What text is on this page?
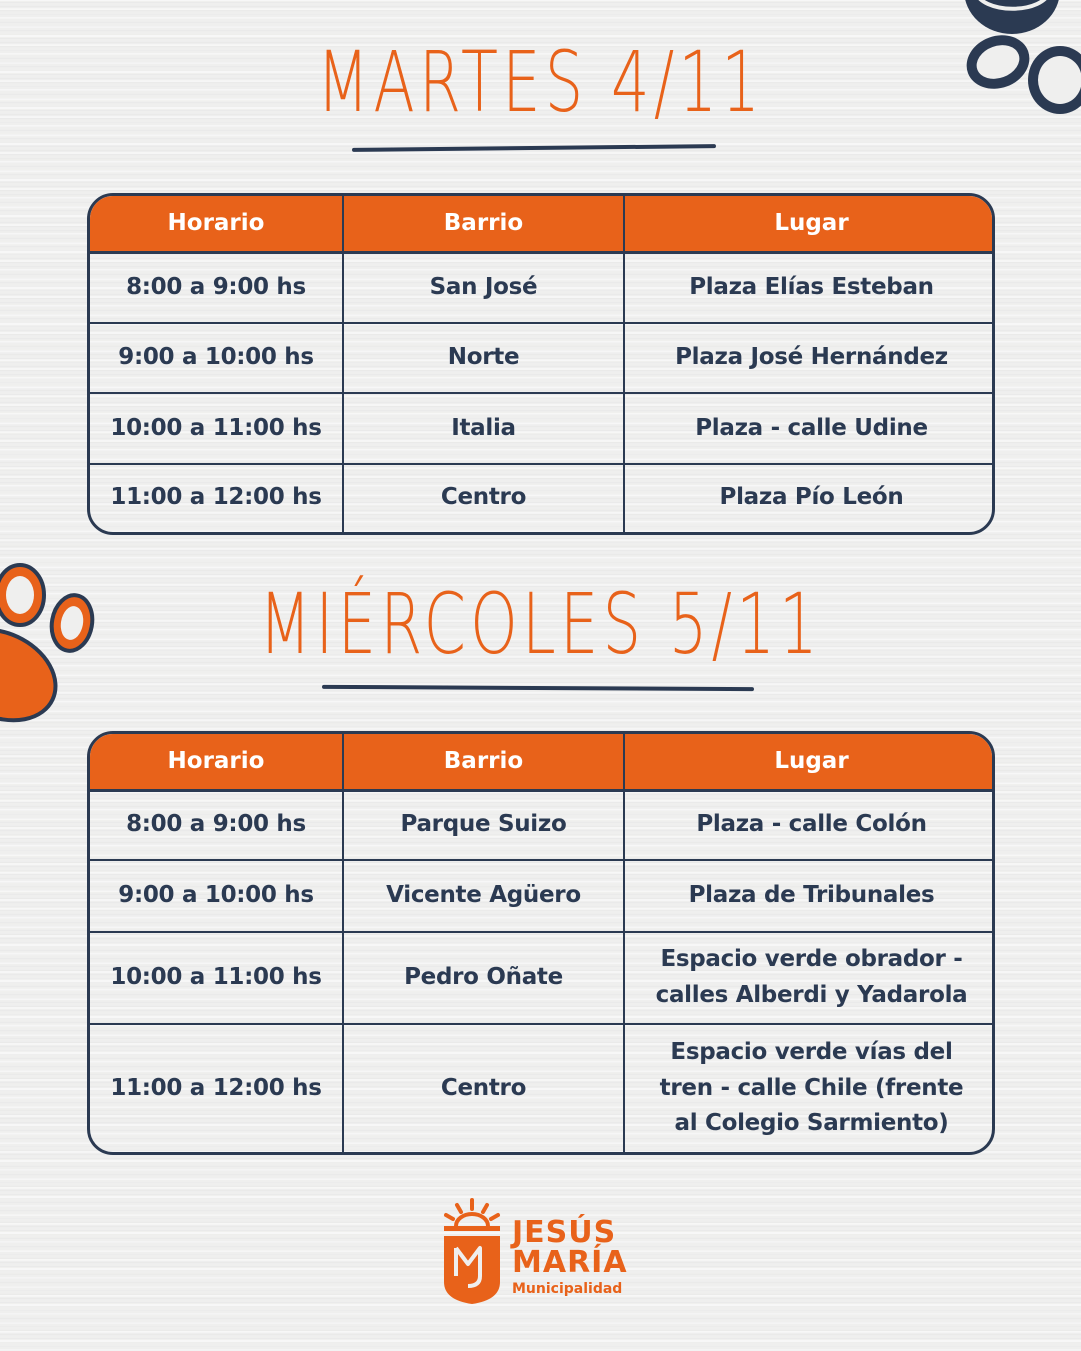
MARTES 4/11
Horario	Barrio	Lugar
8:00 a 9:00 hs	San José	Plaza Elías Esteban
9:00 a 10:00 hs	Norte	Plaza José Hernández
10:00 a 11:00 hs	Italia	Plaza - calle Udine
11:00 a 12:00 hs	Centro	Plaza Pío León
MIÉRCOLES 5/11
Horario	Barrio	Lugar
8:00 a 9:00 hs	Parque Suizo	Plaza - calle Colón
9:00 a 10:00 hs	Vicente Agüero	Plaza de Tribunales
10:00 a 11:00 hs	Pedro Oñate	Espacio verde obrador -
calles Alberdi y Yadarola
11:00 a 12:00 hs	Centro	Espacio verde vías del
tren - calle Chile (frente
al Colegio Sarmiento)
JESÚS
MARÍA
Municipalidad
